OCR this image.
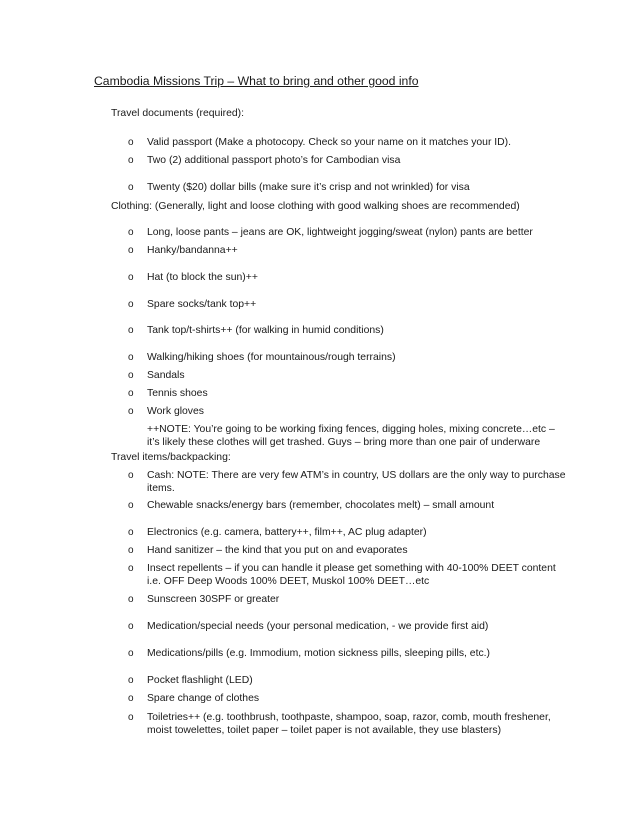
Cambodia Missions Trip – What to bring and other good info
Travel documents (required):
o	Valid passport (Make a photocopy. Check so your name on it matches your ID).
o	Two (2) additional passport photo’s for Cambodian visa
o	Twenty ($20) dollar bills (make sure it’s crisp and not wrinkled) for visa
Clothing: (Generally, light and loose clothing with good walking shoes are recommended)
o	Long, loose pants – jeans are OK, lightweight jogging/sweat (nylon) pants are better
o	Hanky/bandanna++
o	Hat (to block the sun)++
o	Spare socks/tank top++
o	Tank top/t-shirts++ (for walking in humid conditions)
o	Walking/hiking shoes (for mountainous/rough terrains)
o	Sandals
o	Tennis shoes
o	Work gloves
++NOTE: You’re going to be working fixing fences, digging holes, mixing concrete…etc – it’s likely these clothes will get trashed. Guys – bring more than one pair of underware
Travel items/backpacking:
o	Cash: NOTE: There are very few ATM’s in country, US dollars are the only way to purchase items.
o	Chewable snacks/energy bars (remember, chocolates melt) – small amount
o	Electronics (e.g. camera, battery++, film++, AC plug adapter)
o	Hand sanitizer – the kind that you put on and evaporates
o	Insect repellents – if you can handle it please get something with 40-100% DEET content i.e. OFF Deep Woods 100% DEET, Muskol 100% DEET…etc
o	Sunscreen 30SPF or greater
o	Medication/special needs (your personal medication, - we provide first aid)
o	Medications/pills (e.g. Immodium, motion sickness pills, sleeping pills, etc.)
o	Pocket flashlight (LED)
o	Spare change of clothes
o	Toiletries++ (e.g. toothbrush, toothpaste, shampoo, soap, razor, comb, mouth freshener, moist towelettes, toilet paper – toilet paper is not available, they use blasters)
